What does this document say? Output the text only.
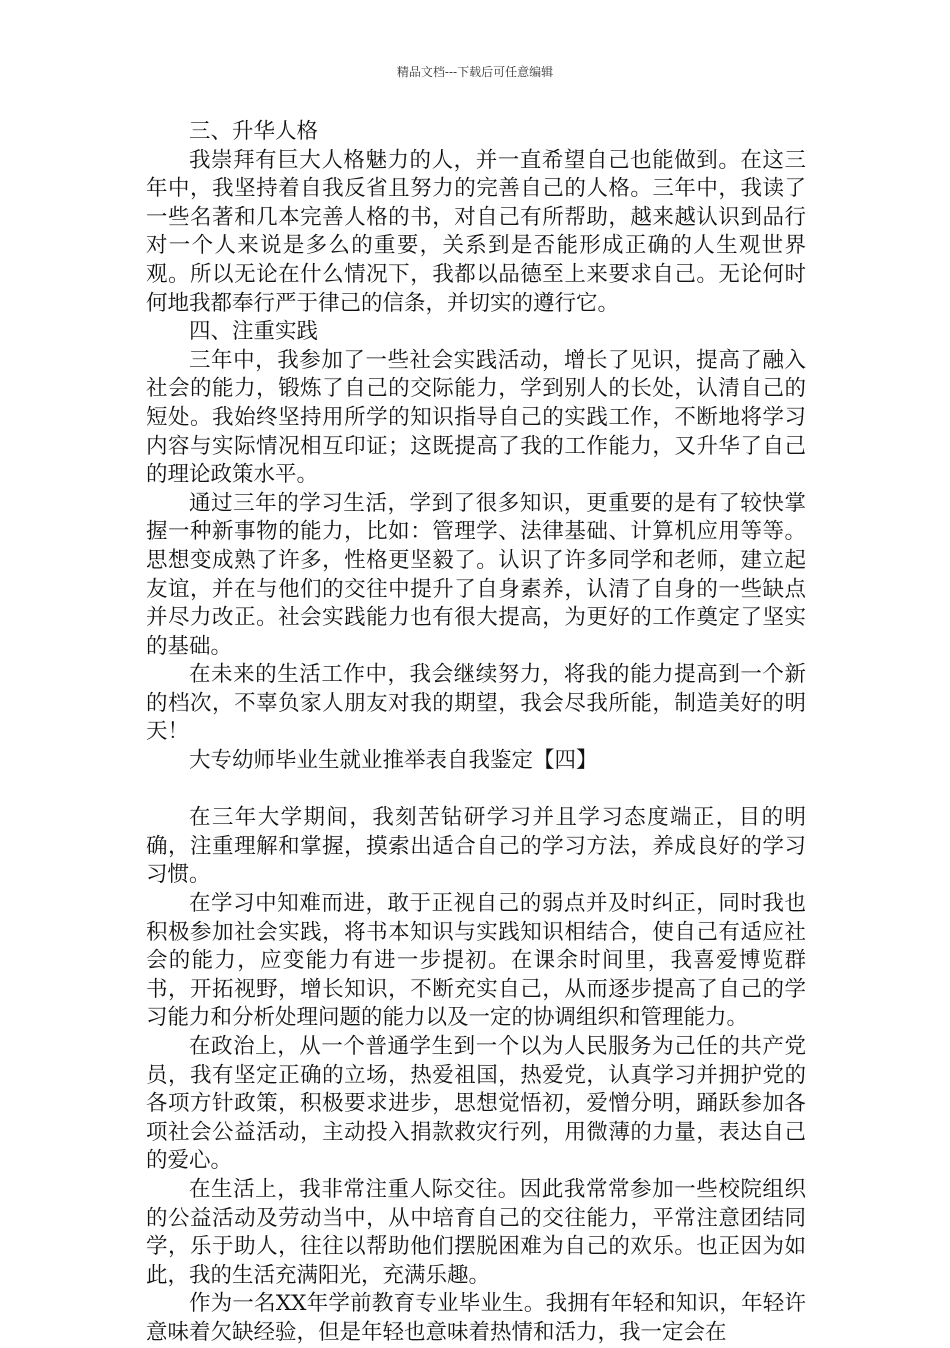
精品文档---下载后可任意编辑

三、升华人格

我崇拜有巨大人格魅力的人，并一直希望自己也能做到。在这三年中，我坚持着自我反省且努力的完善自己的人格。三年中，我读了一些名著和几本完善人格的书，对自己有所帮助，越来越认识到品行对一个人来说是多么的重要，关系到是否能形成正确的人生观世界观。所以无论在什么情况下，我都以品德至上来要求自己。无论何时何地我都奉行严于律己的信条，并切实的遵行它。

四、注重实践

三年中，我参加了一些社会实践活动，增长了见识，提高了融入社会的能力，锻炼了自己的交际能力，学到别人的长处，认清自己的短处。我始终坚持用所学的知识指导自己的实践工作，不断地将学习内容与实际情况相互印证；这既提高了我的工作能力，又升华了自己的理论政策水平。

通过三年的学习生活，学到了很多知识，更重要的是有了较快掌握一种新事物的能力，比如：管理学、法律基础、计算机应用等等。思想变成熟了许多，性格更坚毅了。认识了许多同学和老师，建立起友谊，并在与他们的交往中提升了自身素养，认清了自身的一些缺点并尽力改正。社会实践能力也有很大提高，为更好的工作奠定了坚实的基础。

在未来的生活工作中，我会继续努力，将我的能力提高到一个新的档次，不辜负家人朋友对我的期望，我会尽我所能，制造美好的明天！

大专幼师毕业生就业推举表自我鉴定【四】

在三年大学期间，我刻苦钻研学习并且学习态度端正，目的明确，注重理解和掌握，摸索出适合自己的学习方法，养成良好的学习习惯。

在学习中知难而进，敢于正视自己的弱点并及时纠正，同时我也积极参加社会实践，将书本知识与实践知识相结合，使自己有适应社会的能力，应变能力有进一步提初。在课余时间里，我喜爱博览群书，开拓视野，增长知识，不断充实自己，从而逐步提高了自己的学习能力和分析处理问题的能力以及一定的协调组织和管理能力。

在政治上，从一个普通学生到一个以为人民服务为己任的共产党员，我有坚定正确的立场，热爱祖国，热爱党，认真学习并拥护党的各项方针政策，积极要求进步，思想觉悟初，爱憎分明，踊跃参加各项社会公益活动，主动投入捐款救灾行列，用微薄的力量，表达自己的爱心。

在生活上，我非常注重人际交往。因此我常常参加一些校院组织的公益活动及劳动当中，从中培育自己的交往能力，平常注意团结同学，乐于助人，往往以帮助他们摆脱困难为自己的欢乐。也正因为如此，我的生活充满阳光，充满乐趣。

作为一名XX年学前教育专业毕业生。我拥有年轻和知识，年轻许意味着欠缺经验，但是年轻也意味着热情和活力，我一定会在
